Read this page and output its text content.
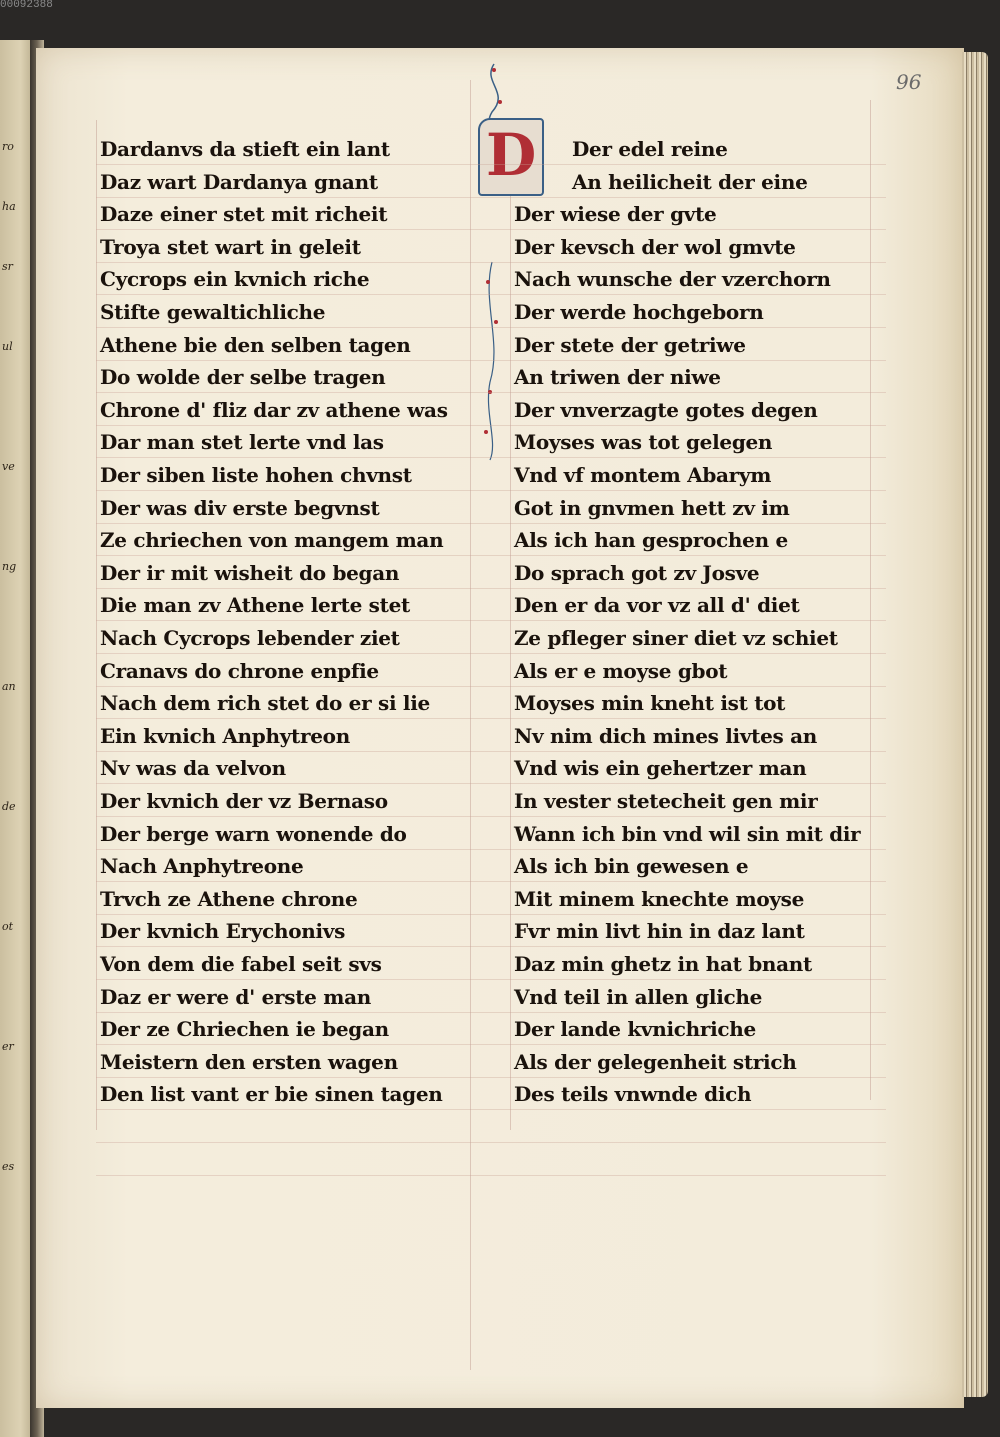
00092388
ro
ha
sr
ul
ve
ng
an
de
ot
er
es
96
D
Dardanvs da stieft ein lant
Daz wart Dardanya gnant
Daze einer stet mit richeit
Troya stet wart in geleit
Cycrops ein kvnich riche
Stifte gewaltichliche
Athene bie den selben tagen
Do wolde der selbe tragen
Chrone d' fliz dar zv athene was
Dar man stet lerte vnd las
Der siben liste hohen chvnst
Der was div erste begvnst
Ze chriechen von mangem man
Der ir mit wisheit do began
Die man zv Athene lerte stet
Nach Cycrops lebender ziet
Cranavs do chrone enpfie
Nach dem rich stet do er si lie
Ein kvnich Anphytreon
Nv was da velvon
Der kvnich der vz Bernaso
Der berge warn wonende do
Nach Anphytreone
Trvch ze Athene chrone
Der kvnich Erychonivs
Von dem die fabel seit svs
Daz er were d' erste man
Der ze Chriechen ie began
Meistern den ersten wagen
Den list vant er bie sinen tagen
Der edel reine
An heilicheit der eine
Der wiese der gvte
Der kevsch der wol gmvte
Nach wunsche der vzerchorn
Der werde hochgeborn
Der stete der getriwe
An triwen der niwe
Der vnverzagte gotes degen
Moyses was tot gelegen
Vnd vf montem Abarym
Got in gnvmen hett zv im
Als ich han gesprochen e
Do sprach got zv Josve
Den er da vor vz all d' diet
Ze pfleger siner diet vz schiet
Als er e moyse gbot
Moyses min kneht ist tot
Nv nim dich mines livtes an
Vnd wis ein gehertzer man
In vester stetecheit gen mir
Wann ich bin vnd wil sin mit dir
Als ich bin gewesen e
Mit minem knechte moyse
Fvr min livt hin in daz lant
Daz min ghetz in hat bnant
Vnd teil in allen gliche
Der lande kvnichriche
Als der gelegenheit strich
Des teils vnwnde dich
